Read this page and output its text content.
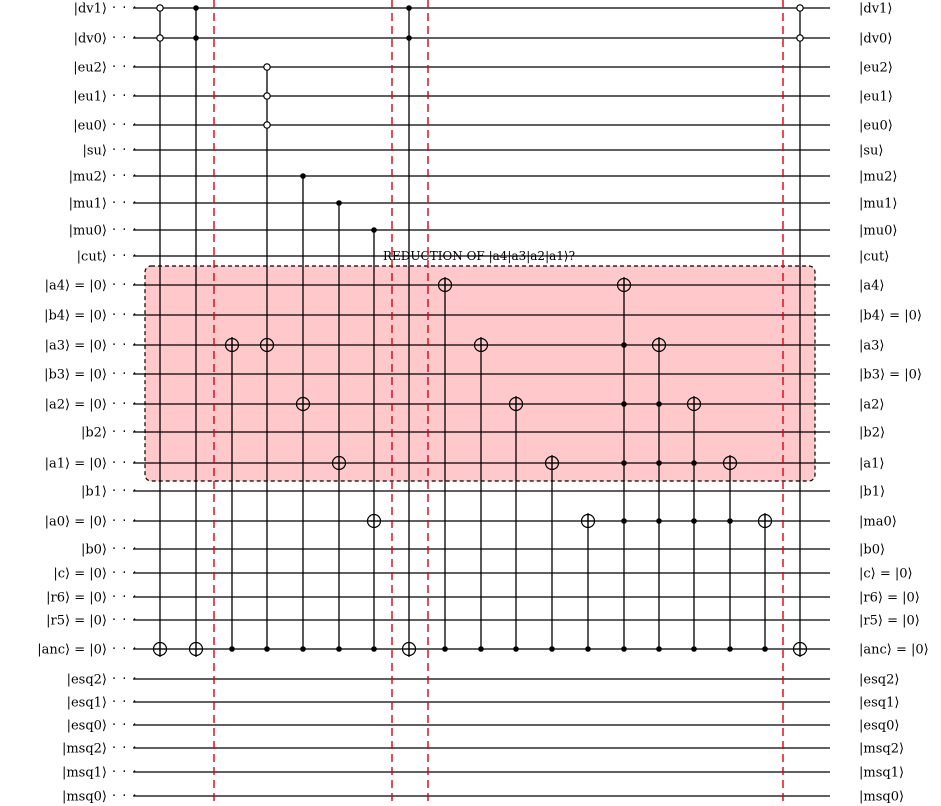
REDUCTION OF |a4|a3|a2|a1⟩?
· · ·
|dv1⟩	|dv1⟩
· · ·
|dv0⟩	|dv0⟩
· · ·
|eu2⟩	|eu2⟩
· · ·
|eu1⟩	|eu1⟩
· · ·
|eu0⟩	|eu0⟩
· · ·
|su⟩	|su⟩
· · ·
|mu2⟩	|mu2⟩
· · ·
|mu1⟩	|mu1⟩
· · ·
|mu0⟩	|mu0⟩
· · ·
|cut⟩	|cut⟩
· · ·
|a4⟩ = |0⟩	|a4⟩
· · ·
|b4⟩ = |0⟩	|b4⟩ = |0⟩
· · ·
|a3⟩ = |0⟩	|a3⟩
· · ·
|b3⟩ = |0⟩	|b3⟩ = |0⟩
· · ·
|a2⟩ = |0⟩	|a2⟩
· · ·
|b2⟩	|b2⟩
· · ·
|a1⟩ = |0⟩	|a1⟩
· · ·
|b1⟩	|b1⟩
· · ·
|a0⟩ = |0⟩	|ma0⟩
· · ·
|b0⟩	|b0⟩
· · ·
|c⟩ = |0⟩	|c⟩ = |0⟩
· · ·
|r6⟩ = |0⟩	|r6⟩ = |0⟩
· · ·
|r5⟩ = |0⟩	|r5⟩ = |0⟩
· · ·
|anc⟩ = |0⟩	|anc⟩ = |0⟩
· · ·
|esq2⟩	|esq2⟩
· · ·
|esq1⟩	|esq1⟩
· · ·
|esq0⟩	|esq0⟩
· · ·
|msq2⟩	|msq2⟩
· · ·
|msq1⟩	|msq1⟩
· · ·
|msq0⟩	|msq0⟩
